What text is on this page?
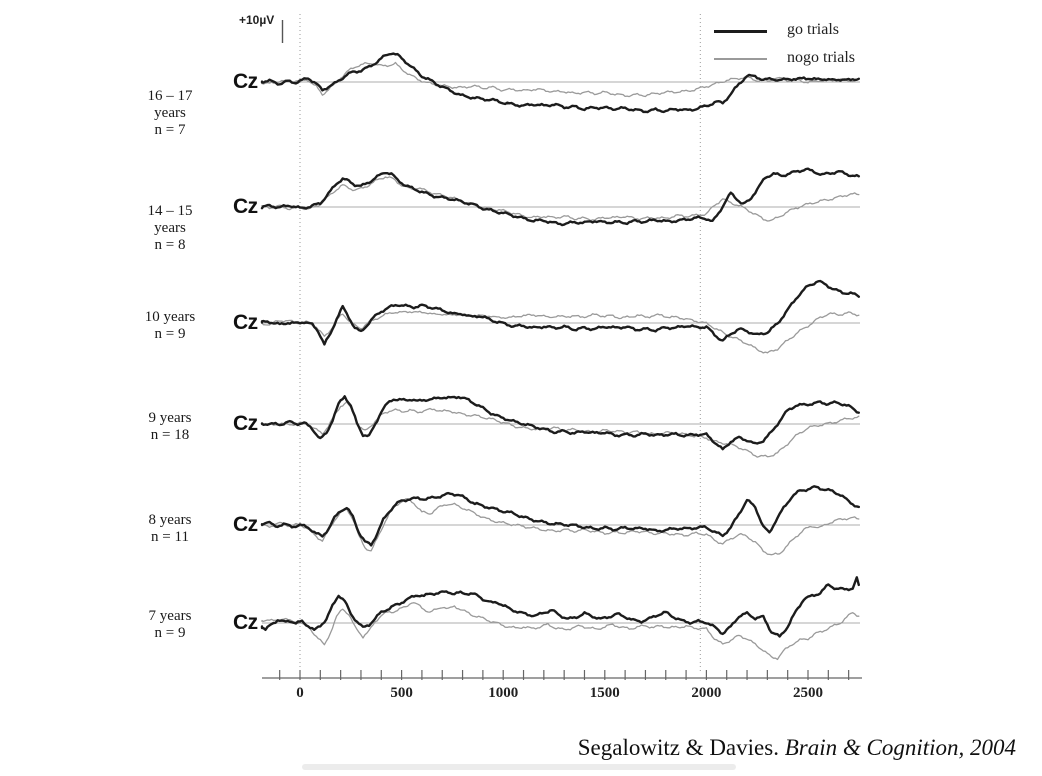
0	500	1000	1500	2000	2500
+10µV
go trials
nogo trials
16 – 17
years
n = 7
Cz
14 – 15
years
n = 8
Cz
10 years
n = 9	Cz
9 years
n = 18	Cz
8 years
n = 11
Cz
7 years
n = 9	Cz
Segalowitz & Davies. Brain & Cognition, 2004
